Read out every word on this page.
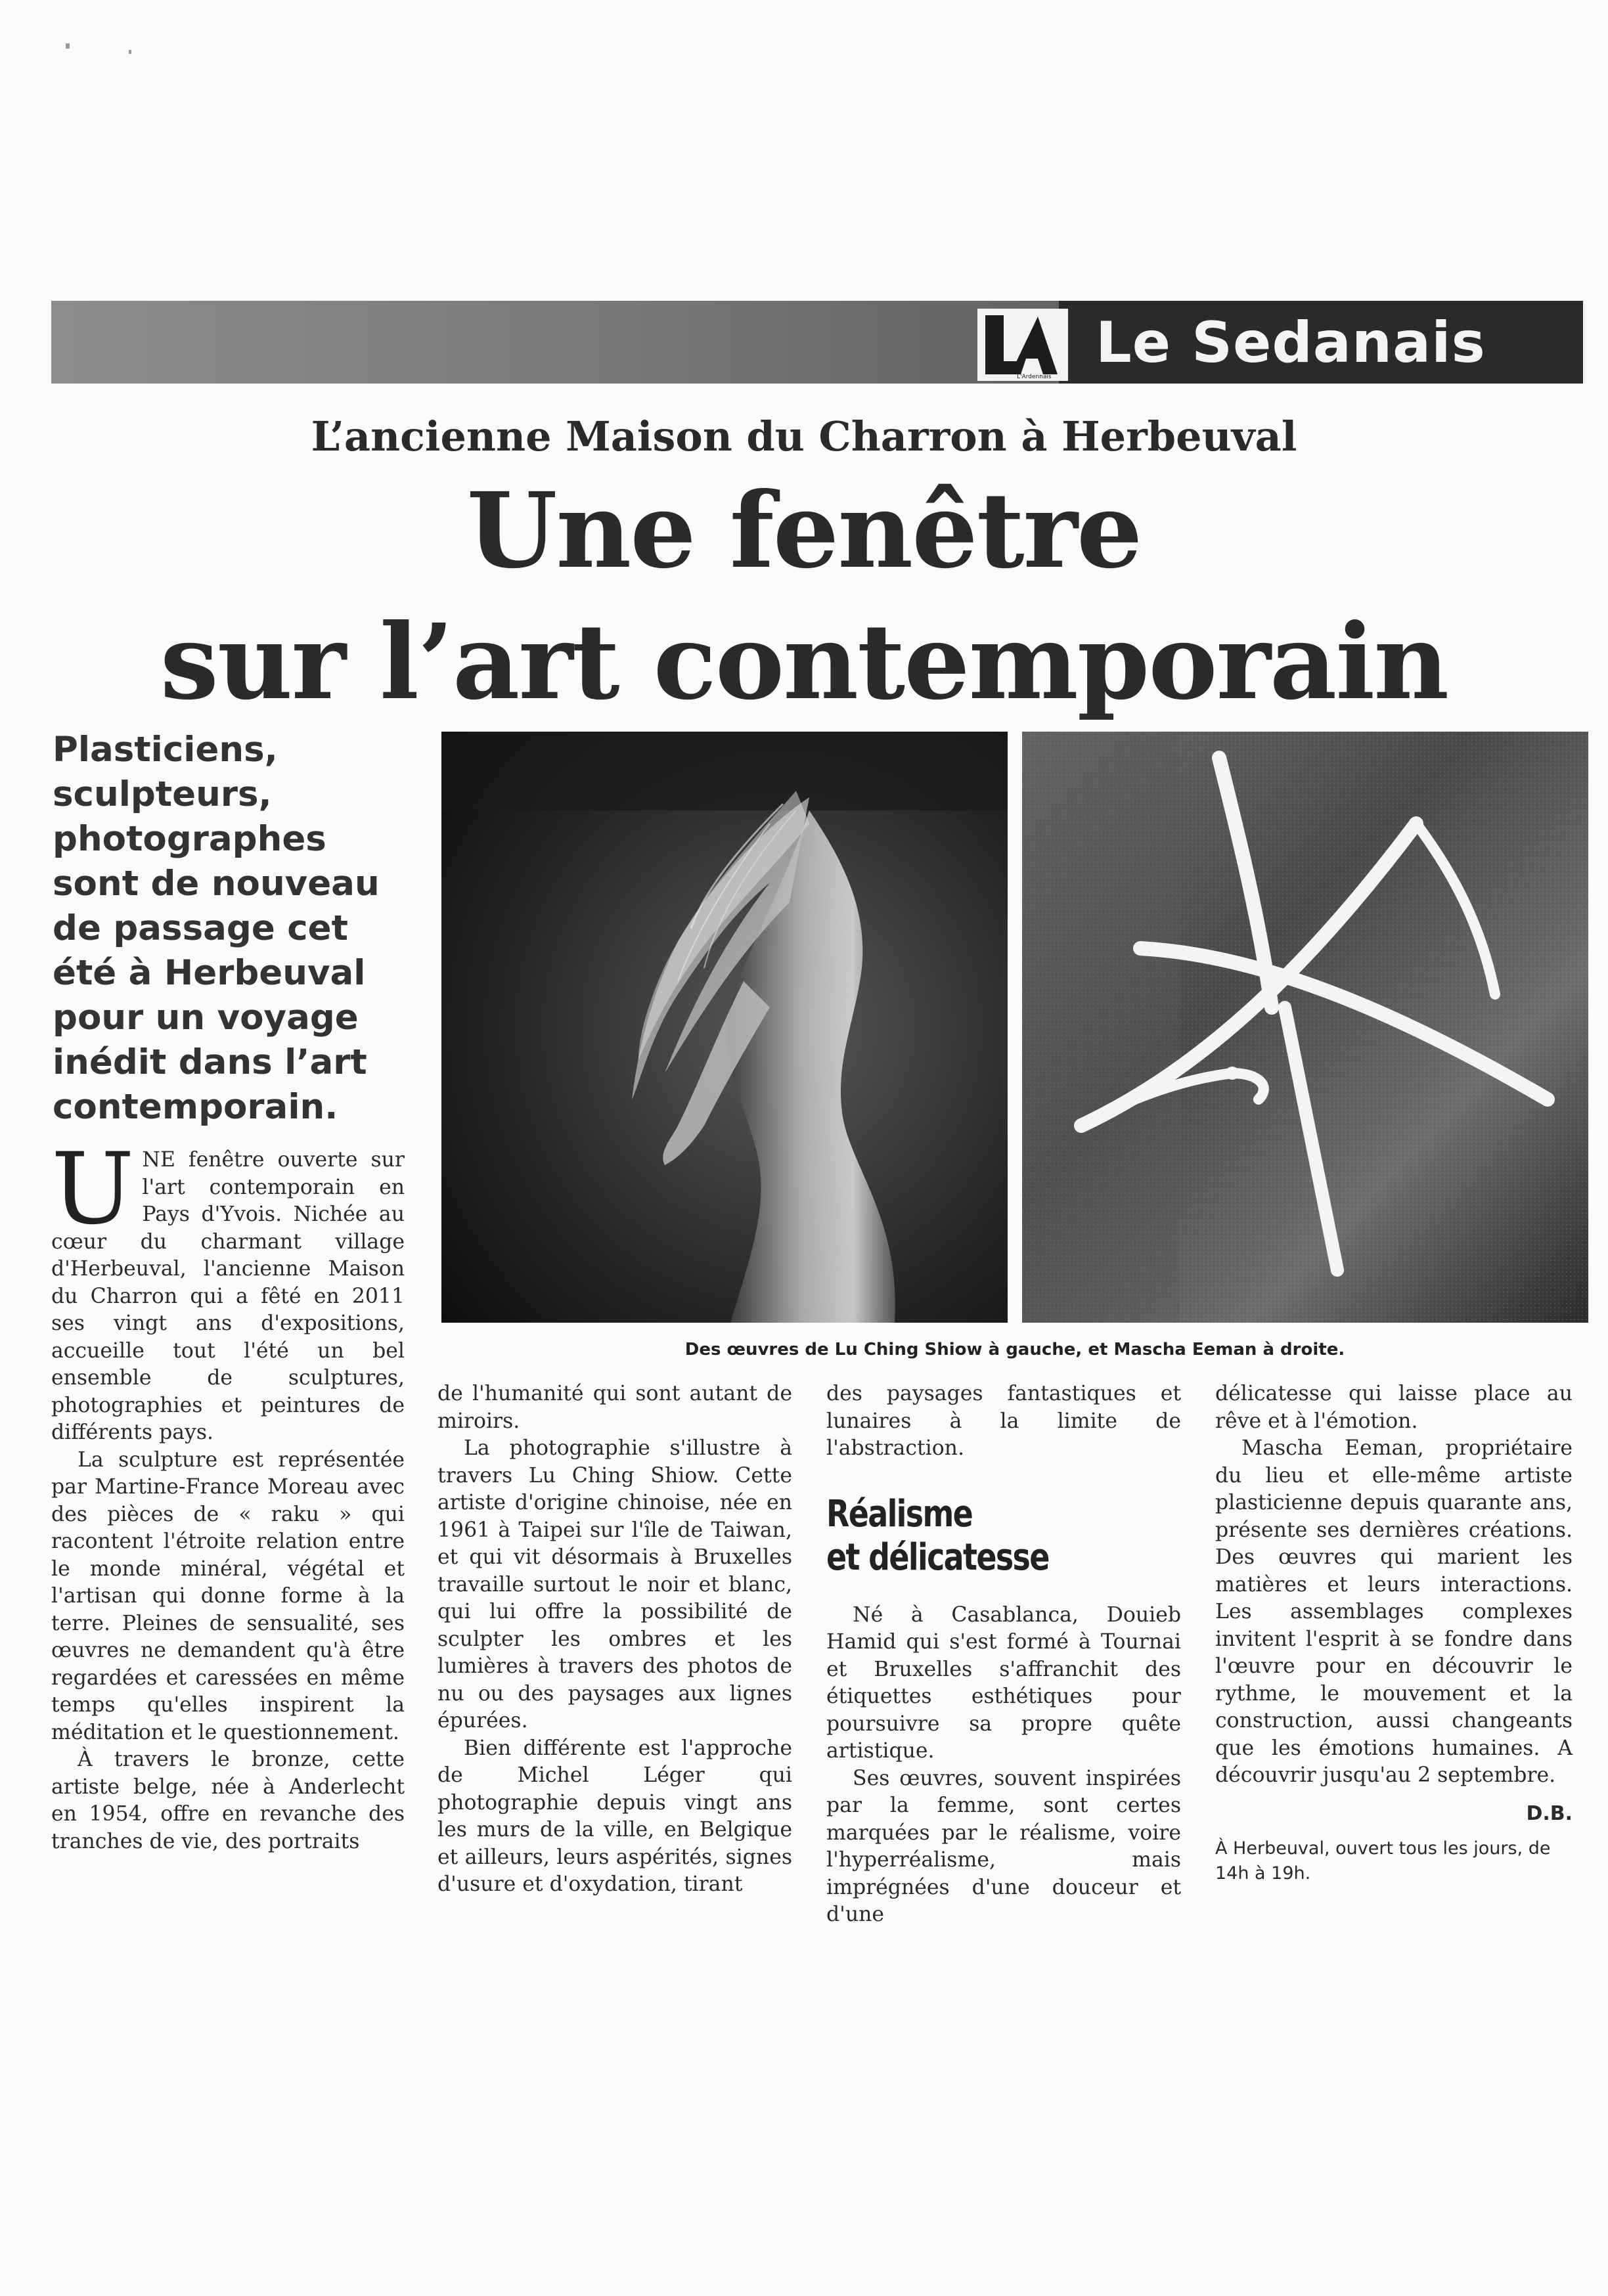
L'Ardennais
Le Sedanais
L’ancienne Maison du Charron à Herbeuval
Une fenêtre
sur l’art contemporain
Plasticiens, sculpteurs, photographes sont de nouveau de passage cet été à Herbeuval pour un voyage inédit dans l’art contemporain.
Des œuvres de Lu Ching Shiow à gauche, et Mascha Eeman à droite.

UNE fenêtre ouverte sur l'art contemporain en Pays d'Yvois. Nichée au cœur du charmant village d'Herbeuval, l'ancienne Maison du Charron qui a fêté en 2011 ses vingt ans d'expositions, accueille tout l'été un bel ensemble de sculptures, photographies et peintures de différents pays.

La sculpture est représentée par Martine-France Moreau avec des pièces de « raku » qui racontent l'étroite relation entre le monde minéral, végétal et l'artisan qui donne forme à la terre. Pleines de sensualité, ses œuvres ne demandent qu'à être regardées et caressées en même temps qu'elles inspirent la méditation et le questionnement.

À travers le bronze, cette artiste belge, née à Anderlecht en 1954, offre en revanche des tranches de vie, des portraits

de l'humanité qui sont autant de miroirs.

La photographie s'illustre à travers Lu Ching Shiow. Cette artiste d'origine chinoise, née en 1961 à Taipei sur l'île de Taiwan, et qui vit désormais à Bruxelles travaille surtout le noir et blanc, qui lui offre la possibilité de sculpter les ombres et les lumières à travers des photos de nu ou des paysages aux lignes épurées.

Bien différente est l'approche de Michel Léger qui photographie depuis vingt ans les murs de la ville, en Belgique et ailleurs, leurs aspérités, signes d'usure et d'oxydation, tirant

des paysages fantastiques et lunaires à la limite de l'abstraction.

Réalisme
et délicatesse

Né à Casablanca, Douieb Hamid qui s'est formé à Tournai et Bruxelles s'affranchit des étiquettes esthétiques pour poursuivre sa propre quête artistique.

Ses œuvres, souvent inspirées par la femme, sont certes marquées par le réalisme, voire l'hyperréalisme, mais imprégnées d'une douceur et d'une

délicatesse qui laisse place au rêve et à l'émotion.

Mascha Eeman, propriétaire du lieu et elle-même artiste plasticienne depuis quarante ans, présente ses dernières créations. Des œuvres qui marient les matières et leurs interactions. Les assemblages complexes invitent l'esprit à se fondre dans l'œuvre pour en découvrir le rythme, le mouvement et la construction, aussi changeants que les émotions humaines. A découvrir jusqu'au 2 septembre.

D.B.
À Herbeuval, ouvert tous les jours, de 14h à 19h.
